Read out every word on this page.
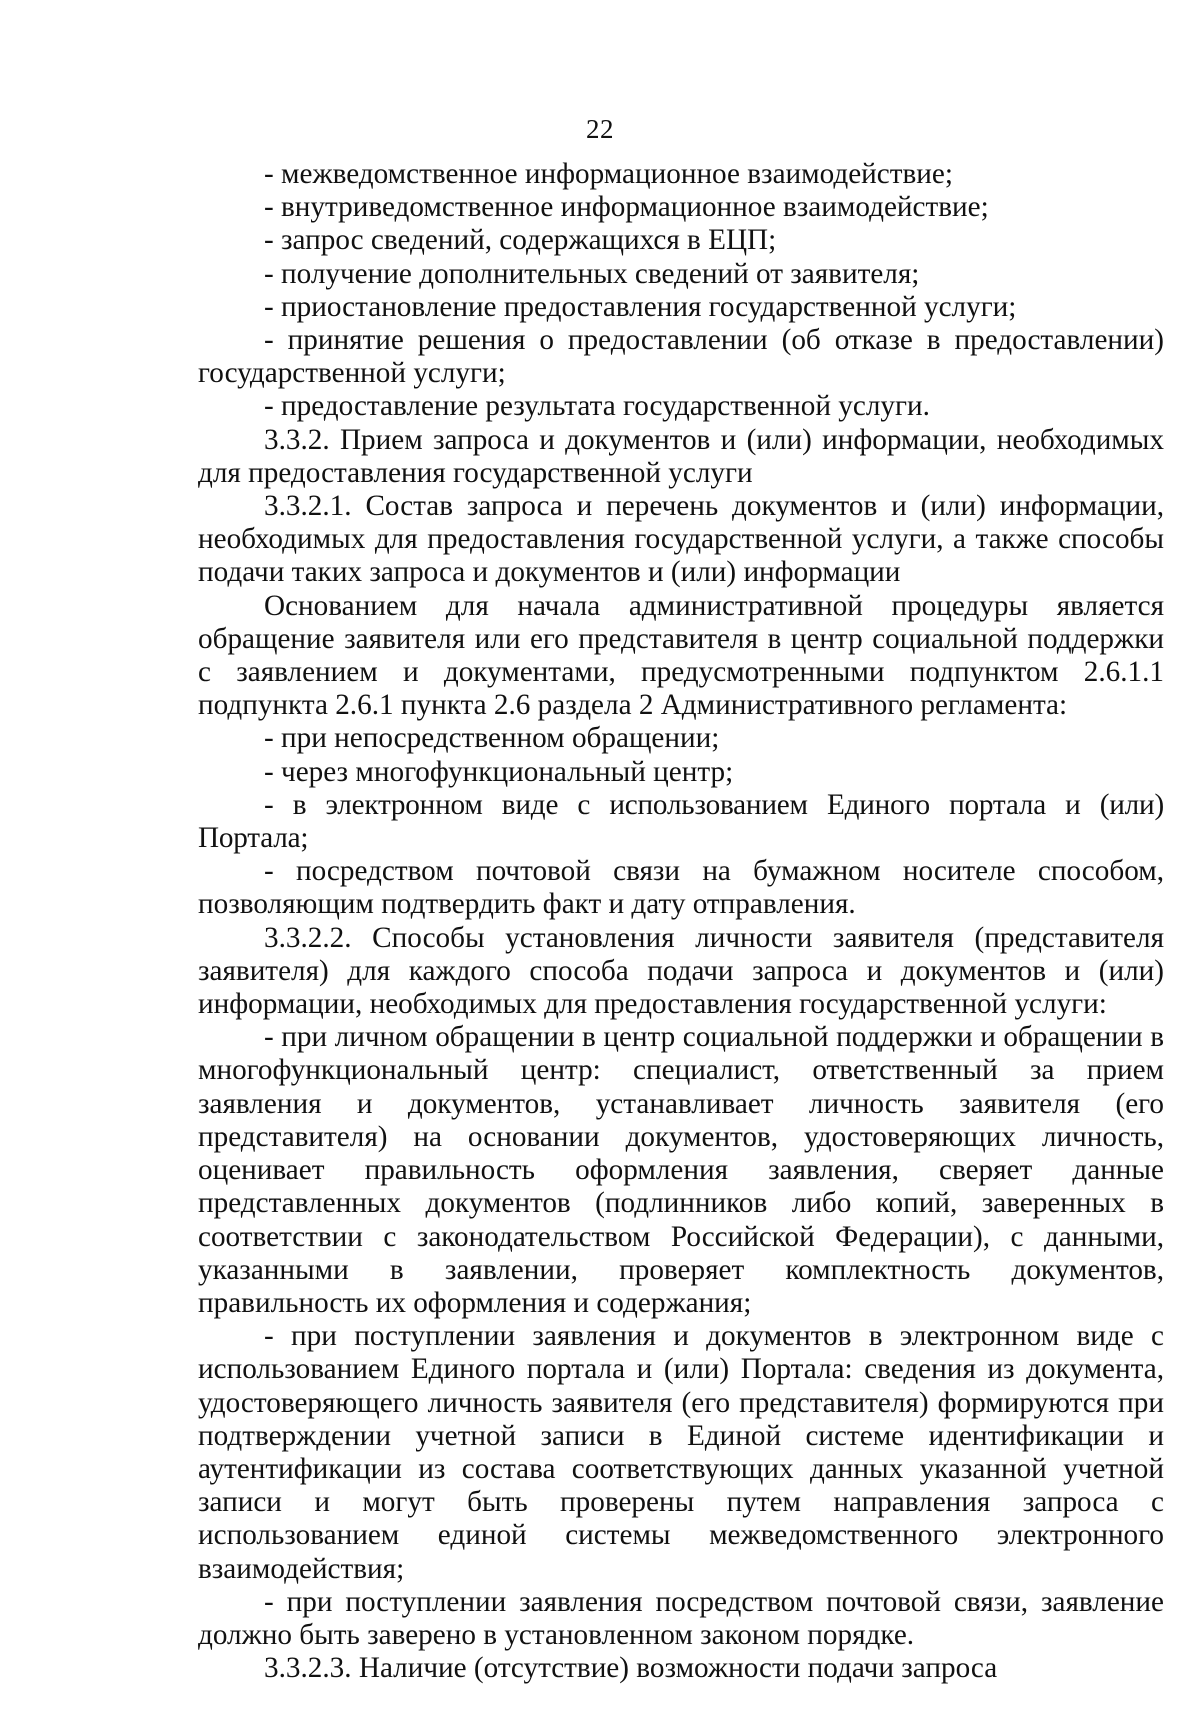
22

- межведомственное информационное взаимодействие;

- внутриведомственное информационное взаимодействие;

- запрос сведений, содержащихся в ЕЦП;

- получение дополнительных сведений от заявителя;

- приостановление предоставления государственной услуги;

- принятие решения о предоставлении (об отказе в предоставлении) государственной услуги;

- предоставление результата государственной услуги.

3.3.2. Прием запроса и документов и (или) информации, необходимых для предоставления государственной услуги

3.3.2.1. Состав запроса и перечень документов и (или) информации, необходимых для предоставления государственной услуги, а также способы подачи таких запроса и документов и (или) информации

Основанием для начала административной процедуры является обращение заявителя или его представителя в центр социальной поддержки с заявлением и документами, предусмотренными подпунктом 2.6.1.1 подпункта 2.6.1 пункта 2.6 раздела 2 Административного регламента:

- при непосредственном обращении;

- через многофункциональный центр;

- в электронном виде с использованием Единого портала и (или) Портала;

- посредством почтовой связи на бумажном носителе способом, позволяющим подтвердить факт и дату отправления.

3.3.2.2. Способы установления личности заявителя (представителя заявителя) для каждого способа подачи запроса и документов и (или) информации, необходимых для предоставления государственной услуги:

- при личном обращении в центр социальной поддержки и обращении в многофункциональный центр: специалист, ответственный за прием заявления и документов, устанавливает личность заявителя (его представителя) на основании документов, удостоверяющих личность, оценивает правильность оформления заявления, сверяет данные представленных документов (подлинников либо копий, заверенных в соответствии с законодательством Российской Федерации), с данными, указанными в заявлении, проверяет комплектность документов, правильность их оформления и содержания;

- при поступлении заявления и документов в электронном виде с использованием Единого портала и (или) Портала: сведения из документа, удостоверяющего личность заявителя (его представителя) формируются при подтверждении учетной записи в Единой системе идентификации и аутентификации из состава соответствующих данных указанной учетной записи и могут быть проверены путем направления запроса с использованием единой системы межведомственного электронного взаимодействия;

- при поступлении заявления посредством почтовой связи, заявление должно быть заверено в установленном законом порядке.

3.3.2.3. Наличие (отсутствие) возможности подачи запроса
